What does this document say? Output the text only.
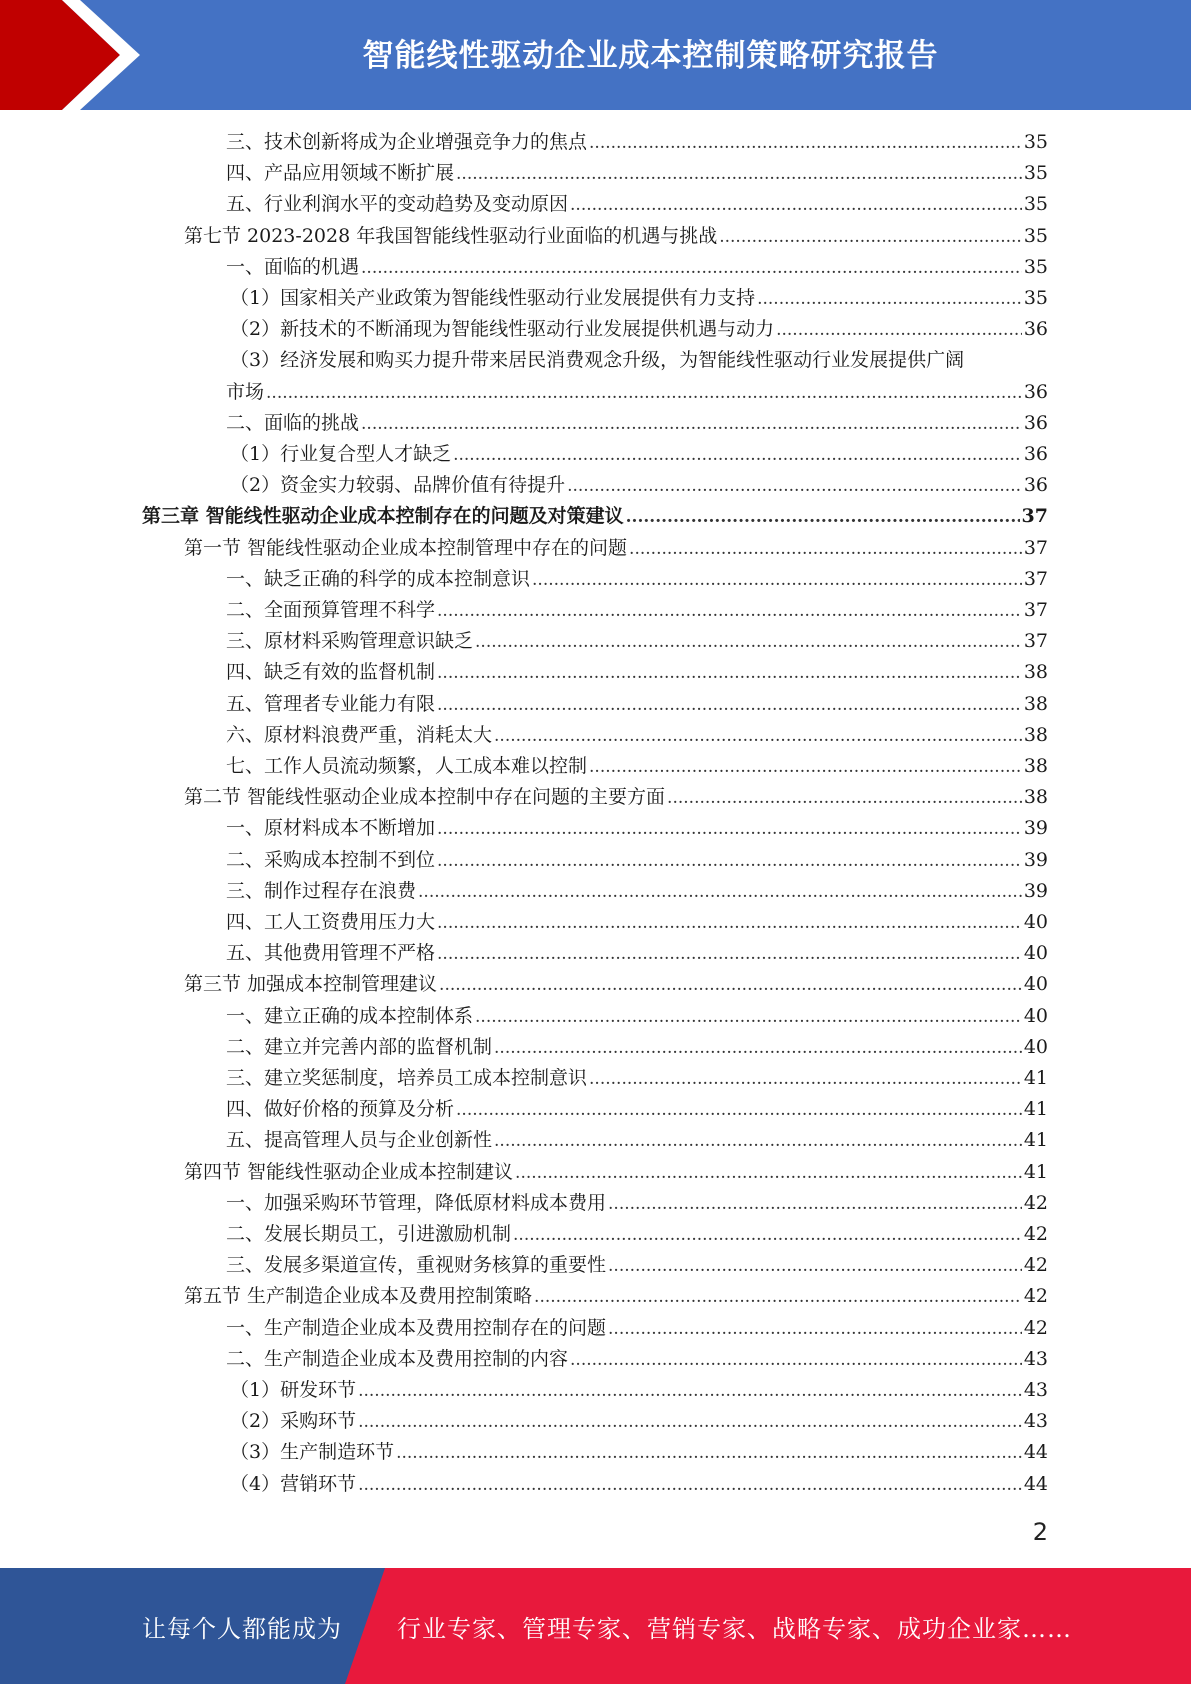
智能线性驱动企业成本控制策略研究报告
三、技术创新将成为企业增强竞争力的焦点 .....	35
四、产品应用领域不断扩展 .....	35
五、行业利润水平的变动趋势及变动原因 .....	35
第七节 2023-2028 年我国智能线性驱动行业面临的机遇与挑战 .....	35
一、面临的机遇 .....	35
（1）国家相关产业政策为智能线性驱动行业发展提供有力支持 .....	35
（2）新技术的不断涌现为智能线性驱动行业发展提供机遇与动力 .....	36
（3）经济发展和购买力提升带来居民消费观念升级，为智能线性驱动行业发展提供广阔
市场 .....	36
二、面临的挑战 .....	36
（1）行业复合型人才缺乏 .....	36
（2）资金实力较弱、品牌价值有待提升 .....	36
第三章 智能线性驱动企业成本控制存在的问题及对策建议 .....	37
第一节 智能线性驱动企业成本控制管理中存在的问题 .....	37
一、缺乏正确的科学的成本控制意识 .....	37
二、全面预算管理不科学 .....	37
三、原材料采购管理意识缺乏 .....	37
四、缺乏有效的监督机制 .....	38
五、管理者专业能力有限 .....	38
六、原材料浪费严重，消耗太大 .....	38
七、工作人员流动频繁，人工成本难以控制 .....	38
第二节 智能线性驱动企业成本控制中存在问题的主要方面 .....	38
一、原材料成本不断增加 .....	39
二、采购成本控制不到位 .....	39
三、制作过程存在浪费 .....	39
四、工人工资费用压力大 .....	40
五、其他费用管理不严格 .....	40
第三节 加强成本控制管理建议 .....	40
一、建立正确的成本控制体系 .....	40
二、建立并完善内部的监督机制 .....	40
三、建立奖惩制度，培养员工成本控制意识 .....	41
四、做好价格的预算及分析 .....	41
五、提高管理人员与企业创新性 .....	41
第四节 智能线性驱动企业成本控制建议 .....	41
一、加强采购环节管理，降低原材料成本费用 .....	42
二、发展长期员工，引进激励机制 .....	42
三、发展多渠道宣传，重视财务核算的重要性 .....	42
第五节 生产制造企业成本及费用控制策略 .....	42
一、生产制造企业成本及费用控制存在的问题 .....	42
二、生产制造企业成本及费用控制的内容 .....	43
（1）研发环节 .....	43
（2）采购环节 .....	43
（3）生产制造环节 .....	44
（4）营销环节 .....	44
2
让每个人都能成为 行业专家、管理专家、营销专家、战略专家、成功企业家……
